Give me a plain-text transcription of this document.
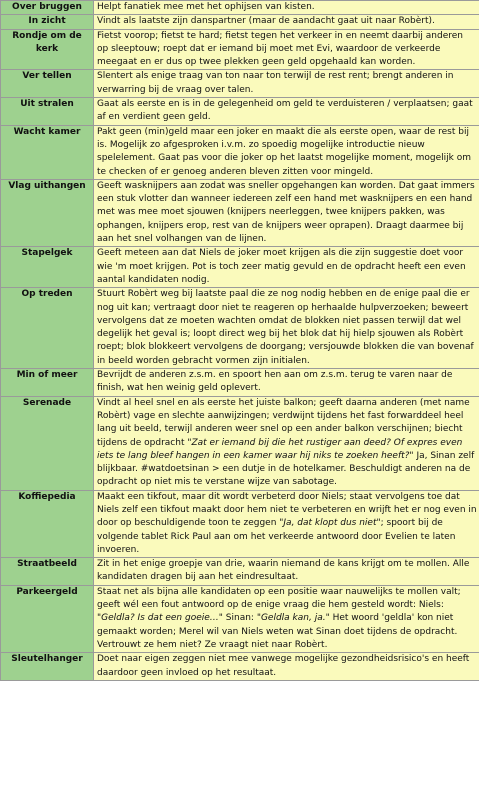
Over bruggen	Helpt fanatiek mee met het ophijsen van kisten.
In zicht	Vindt als laatste zijn danspartner (maar de aandacht gaat uit naar Robèrt).
Rondje om de kerk	Fietst voorop; fietst te hard; fietst tegen het verkeer in en neemt daarbij anderen op sleeptouw; roept dat er iemand bij moet met Evi, waardoor de verkeerde meegaat en er dus op twee plekken geen geld opgehaald kan worden.
Ver tellen	Slentert als enige traag van ton naar ton terwijl de rest rent; brengt anderen in verwarring bij de vraag over talen.
Uit stralen	Gaat als eerste en is in de gelegenheid om geld te verduisteren / verplaatsen; gaat af en verdient geen geld.
Wacht kamer	Pakt geen (min)geld maar een joker en maakt die als eerste open, waar de rest bij is. Mogelijk zo afgesproken i.v.m. zo spoedig mogelijke introductie nieuw spelelement. Gaat pas voor die joker op het laatst mogelijke moment, mogelijk om te checken of er genoeg anderen bleven zitten voor mingeld.
Vlag uithangen	Geeft wasknijpers aan zodat was sneller opgehangen kan worden. Dat gaat immers een stuk vlotter dan wanneer iedereen zelf een hand met wasknijpers en een hand met was mee moet sjouwen (knijpers neerleggen, twee knijpers pakken, was ophangen, knijpers erop, rest van de knijpers weer oprapen). Draagt daarmee bij aan het snel volhangen van de lijnen.
Stapelgek	Geeft meteen aan dat Niels de joker moet krijgen als die zijn suggestie doet voor wie 'm moet krijgen. Pot is toch zeer matig gevuld en de opdracht heeft een even aantal kandidaten nodig.
Op treden	Stuurt Robèrt weg bij laatste paal die ze nog nodig hebben en de enige paal die er nog uit kan; vertraagt door niet te reageren op herhaalde hulpverzoeken; beweert vervolgens dat ze moeten wachten omdat de blokken niet passen terwijl dat wel degelijk het geval is; loopt direct weg bij het blok dat hij hielp sjouwen als Robèrt roept; blok blokkeert vervolgens de doorgang; versjouwde blokken die van bovenaf in beeld worden gebracht vormen zijn initialen.
Min of meer	Bevrijdt de anderen z.s.m. en spoort hen aan om z.s.m. terug te varen naar de finish, wat hen weinig geld oplevert.
Serenade	Vindt al heel snel en als eerste het juiste balkon; geeft daarna anderen (met name Robèrt) vage en slechte aanwijzingen; verdwijnt tijdens het fast forwarddeel heel lang uit beeld, terwijl anderen weer snel op een ander balkon verschijnen; biecht tijdens de opdracht "Zat er iemand bij die het rustiger aan deed? Of expres even iets te lang bleef hangen in een kamer waar hij niks te zoeken heeft?" Ja, Sinan zelf blijkbaar. #watdoetsinan > een dutje in de hotelkamer. Beschuldigt anderen na de opdracht op niet mis te verstane wijze van sabotage.
Koffiepedia	Maakt een tikfout, maar dit wordt verbeterd door Niels; staat vervolgens toe dat Niels zelf een tikfout maakt door hem niet te verbeteren en wrijft het er nog even in door op beschuldigende toon te zeggen "Ja, dat klopt dus niet"; spoort bij de volgende tablet Rick Paul aan om het verkeerde antwoord door Evelien te laten invoeren.
Straatbeeld	Zit in het enige groepje van drie, waarin niemand de kans krijgt om te mollen. Alle kandidaten dragen bij aan het eindresultaat.
Parkeergeld	Staat net als bijna alle kandidaten op een positie waar nauwelijks te mollen valt; geeft wél een fout antwoord op de enige vraag die hem gesteld wordt: Niels: "Geldla? Is dat een goeie…" Sinan: "Geldla kan, ja." Het woord 'geldla' kon niet gemaakt worden; Merel wil van Niels weten wat Sinan doet tijdens de opdracht. Vertrouwt ze hem niet? Ze vraagt niet naar Robèrt.
Sleutelhanger	Doet naar eigen zeggen niet mee vanwege mogelijke gezondheidsrisico's en heeft daardoor geen invloed op het resultaat.
